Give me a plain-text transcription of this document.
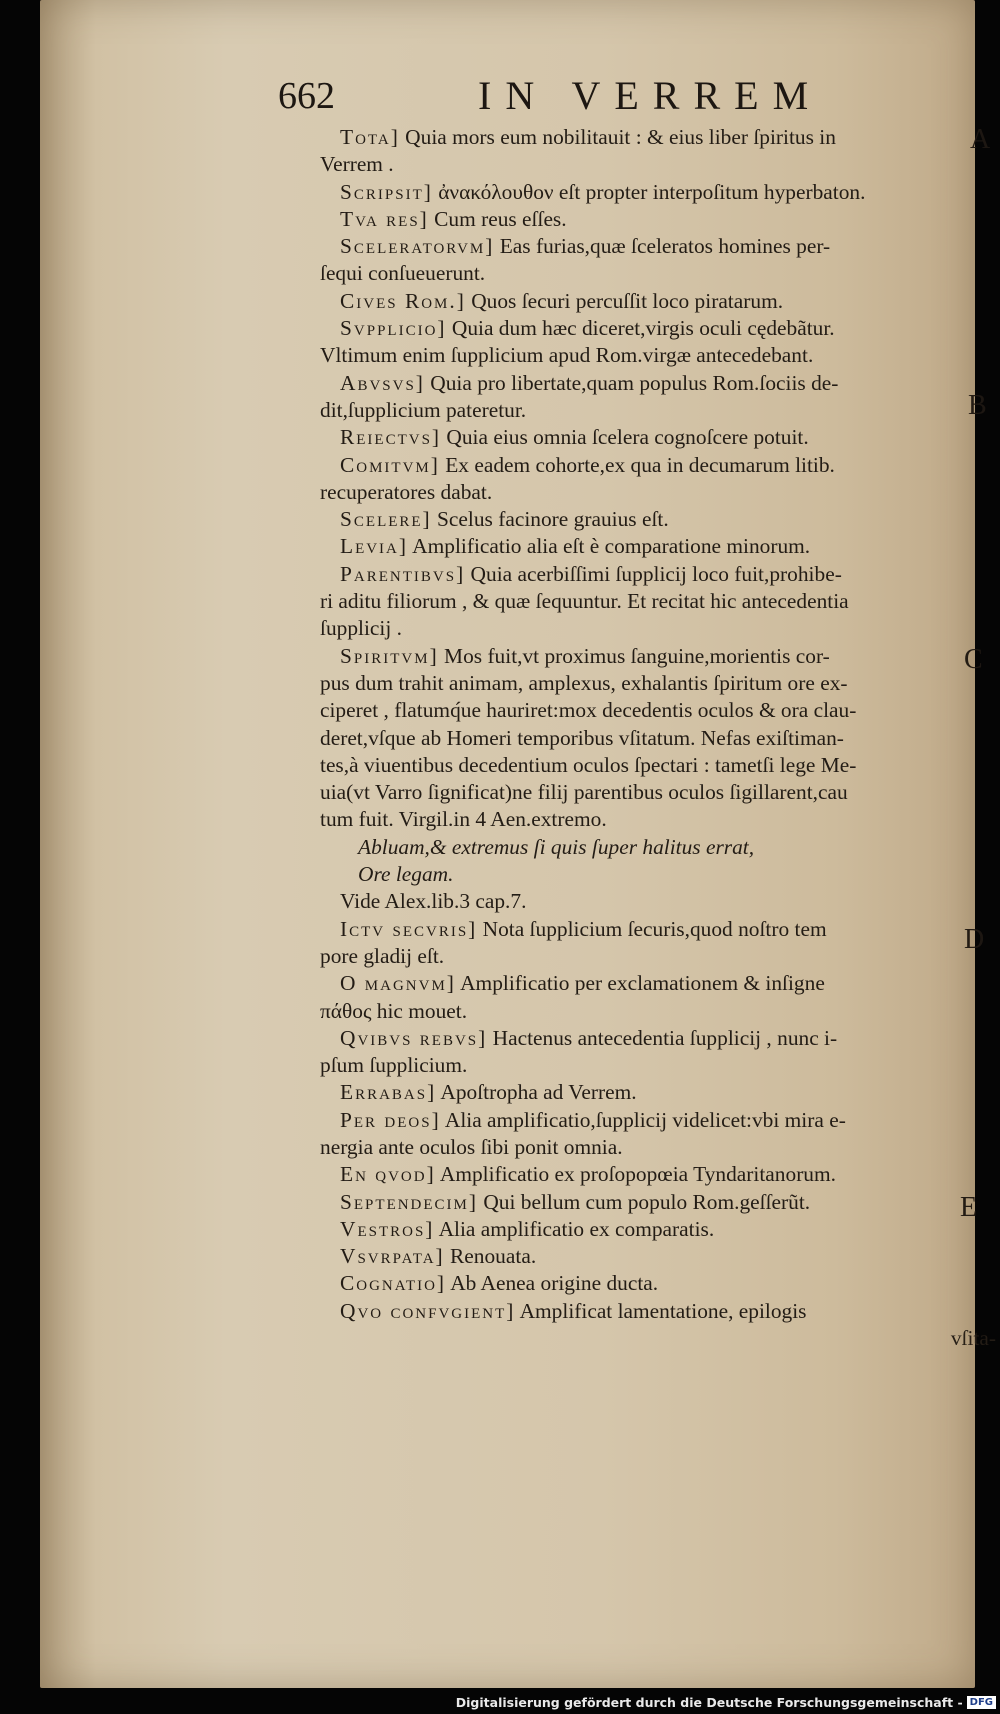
662	IN VERREM

Tota] Quia mors eum nobilitauit : & eius liber ſpiritus in

Verrem .

Scripsit] ἀνακόλουθον eſt propter interpoſitum hyperbaton.

Tva res] Cum reus eſſes.

Sceleratorvm] Eas furias,quæ ſceleratos homines per-

ſequi conſueuerunt.

Cives Rom.] Quos ſecuri percuſſit loco piratarum.

Svpplicio] Quia dum hæc diceret,virgis oculi cędebãtur.

Vltimum enim ſupplicium apud Rom.virgæ antecedebant.

Abvsvs] Quia pro libertate,quam populus Rom.ſociis de-

dit,ſupplicium pateretur.

Reiectvs] Quia eius omnia ſcelera cognoſcere potuit.

Comitvm] Ex eadem cohorte,ex qua in decumarum litib.

recuperatores dabat.

Scelere] Scelus facinore grauius eſt.

Levia] Amplificatio alia eſt è comparatione minorum.

Parentibvs] Quia acerbiſſimi ſupplicij loco fuit,prohibe-

ri aditu filiorum , & quæ ſequuntur. Et recitat hic antecedentia

ſupplicij .

Spiritvm] Mos fuit,vt proximus ſanguine,morientis cor-

pus dum trahit animam, amplexus, exhalantis ſpiritum ore ex-

ciperet , flatumq́ue hauriret:mox decedentis oculos & ora clau-

deret,vſque ab Homeri temporibus vſitatum. Nefas exiſtiman-

tes,à viuentibus decedentium oculos ſpectari : tametſi lege Me-

uia(vt Varro ſignificat)ne filij parentibus oculos ſigillarent,cau

tum fuit. Virgil.in 4 Aen.extremo.

Abluam,& extremus ſi quis ſuper halitus errat,

Ore legam.

Vide Alex.lib.3 cap.7.

Ictv secvris] Nota ſupplicium ſecuris,quod noſtro tem

pore gladij eſt.

O magnvm] Amplificatio per exclamationem & inſigne

πάθος hic mouet.

Qvibvs rebvs] Hactenus antecedentia ſupplicij , nunc i-

pſum ſupplicium.

Errabas] Apoſtropha ad Verrem.

Per deos] Alia amplificatio,ſupplicij videlicet:vbi mira e-

nergia ante oculos ſibi ponit omnia.

En qvod] Amplificatio ex proſopopœia Tyndaritanorum.

Septendecim] Qui bellum cum populo Rom.geſſerũt.

Vestros] Alia amplificatio ex comparatis.

Vsvrpata] Renouata.

Cognatio] Ab Aenea origine ducta.

Qvo confvgient] Amplificat lamentatione, epilogis

vſita-

A
B
C
D
E
Digitalisierung gefördert durch die Deutsche Forschungsgemeinschaft - DFG
